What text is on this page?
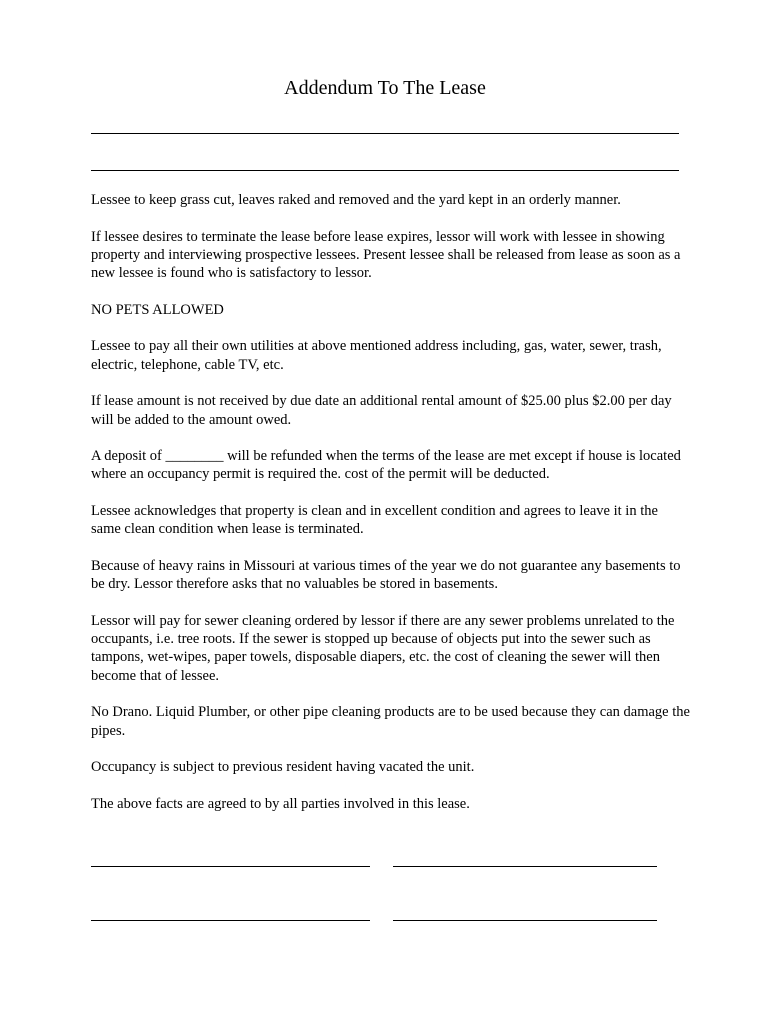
Addendum To The Lease

Lessee to keep grass cut, leaves raked and removed and the yard kept in an orderly manner.

If lessee desires to terminate the lease before lease expires, lessor will work with lessee in showing property and interviewing prospective lessees. Present lessee shall be released from lease as soon as a new lessee is found who is satisfactory to lessor.

NO PETS ALLOWED

Lessee to pay all their own utilities at above mentioned address including, gas, water, sewer, trash, electric, telephone, cable TV, etc.

If lease amount is not received by due date an additional rental amount of $25.00 plus $2.00 per day will be added to the amount owed.

A deposit of ________ will be refunded when the terms of the lease are met except if house is located where an occupancy permit is required the. cost of the permit will be deducted.

Lessee acknowledges that property is clean and in excellent condition and agrees to leave it in the same clean condition when lease is terminated.

Because of heavy rains in Missouri at various times of the year we do not guarantee any basements to be dry. Lessor therefore asks that no valuables be stored in basements.

Lessor will pay for sewer cleaning ordered by lessor if there are any sewer problems unrelated to the occupants, i.e. tree roots. If the sewer is stopped up because of objects put into the sewer such as tampons, wet-wipes, paper towels, disposable diapers, etc. the cost of cleaning the sewer will then become that of lessee.

No Drano. Liquid Plumber, or other pipe cleaning products are to be used because they can damage the pipes.

Occupancy is subject to previous resident having vacated the unit.

The above facts are agreed to by all parties involved in this lease.
